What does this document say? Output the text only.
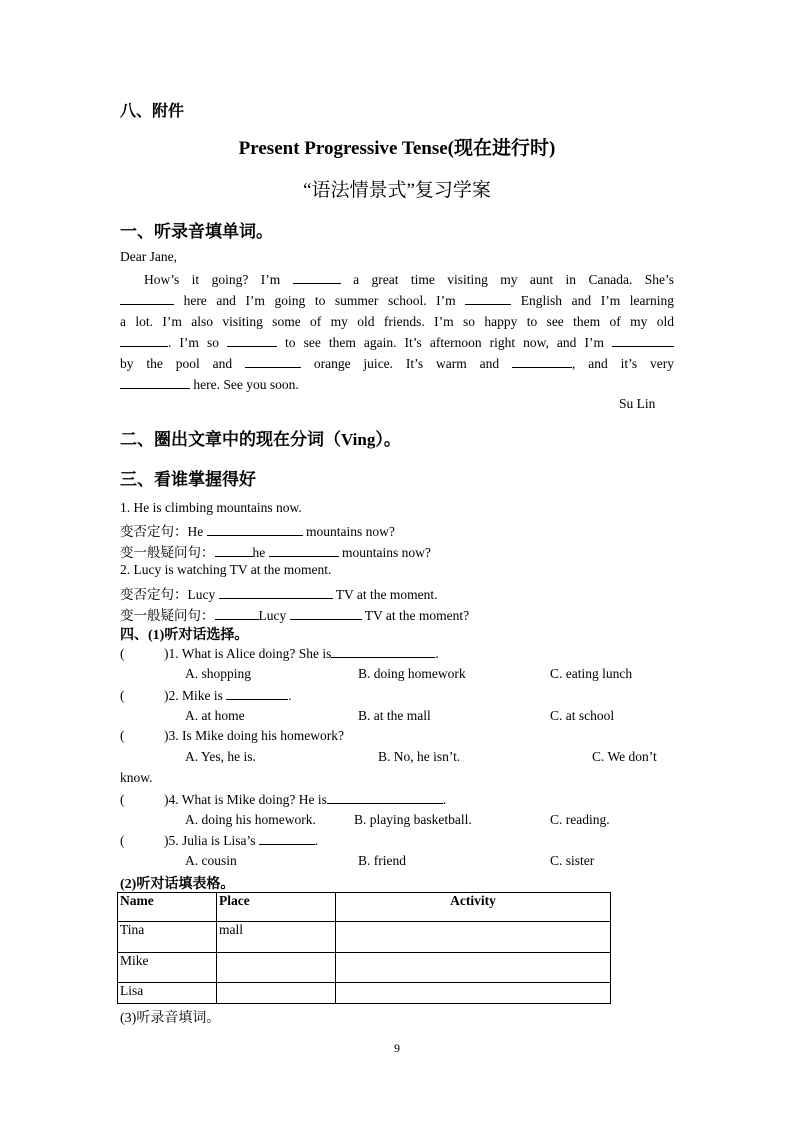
八、附件
Present Progressive Tense(现在进行时)
“语法情景式”复习学案
一、听录音填单词。
Dear Jane,
How’s it going? I’m	a great time visiting my aunt in Canada. She’s
here and I’m going to summer school. I’m	English and I’m learning
a lot. I’m also visiting some of my old friends. I’m so happy to see them of my old
. I’m so	to see them again. It’s afternoon right now, and I’m
by the pool and	orange juice. It’s warm and	, and it’s very
here. See you soon.
Su Lin
二、圈出文章中的现在分词（Ving）。
三、看谁掌握得好
1. He is climbing mountains now.
变否定句：He	mountains now?
变一般疑问句：	he	mountains now?
2. Lucy is watching TV at the moment.
变否定句：Lucy	TV at the moment.
变一般疑问句：	Lucy	TV at the moment?
四、(1)听对话选择。
(	)1. What is Alice doing? She is	.
A. shopping	B. doing homework	C. eating lunch
(	)2. Mike is	.
A. at home	B. at the mall	C. at school
(	)3. Is Mike doing his homework?
A. Yes, he is.	B. No, he isn’t.	C. We don’t
know.
(	)4. What is Mike doing? He is	.
A. doing his homework.	B. playing basketball.	C. reading.
(	)5. Julia is Lisa’s	.
A. cousin	B. friend	C. sister
(2)听对话填表格。
Name	Place	Activity
Tina	mall	
Mike		
Lisa		
(3)听录音填词。
9
